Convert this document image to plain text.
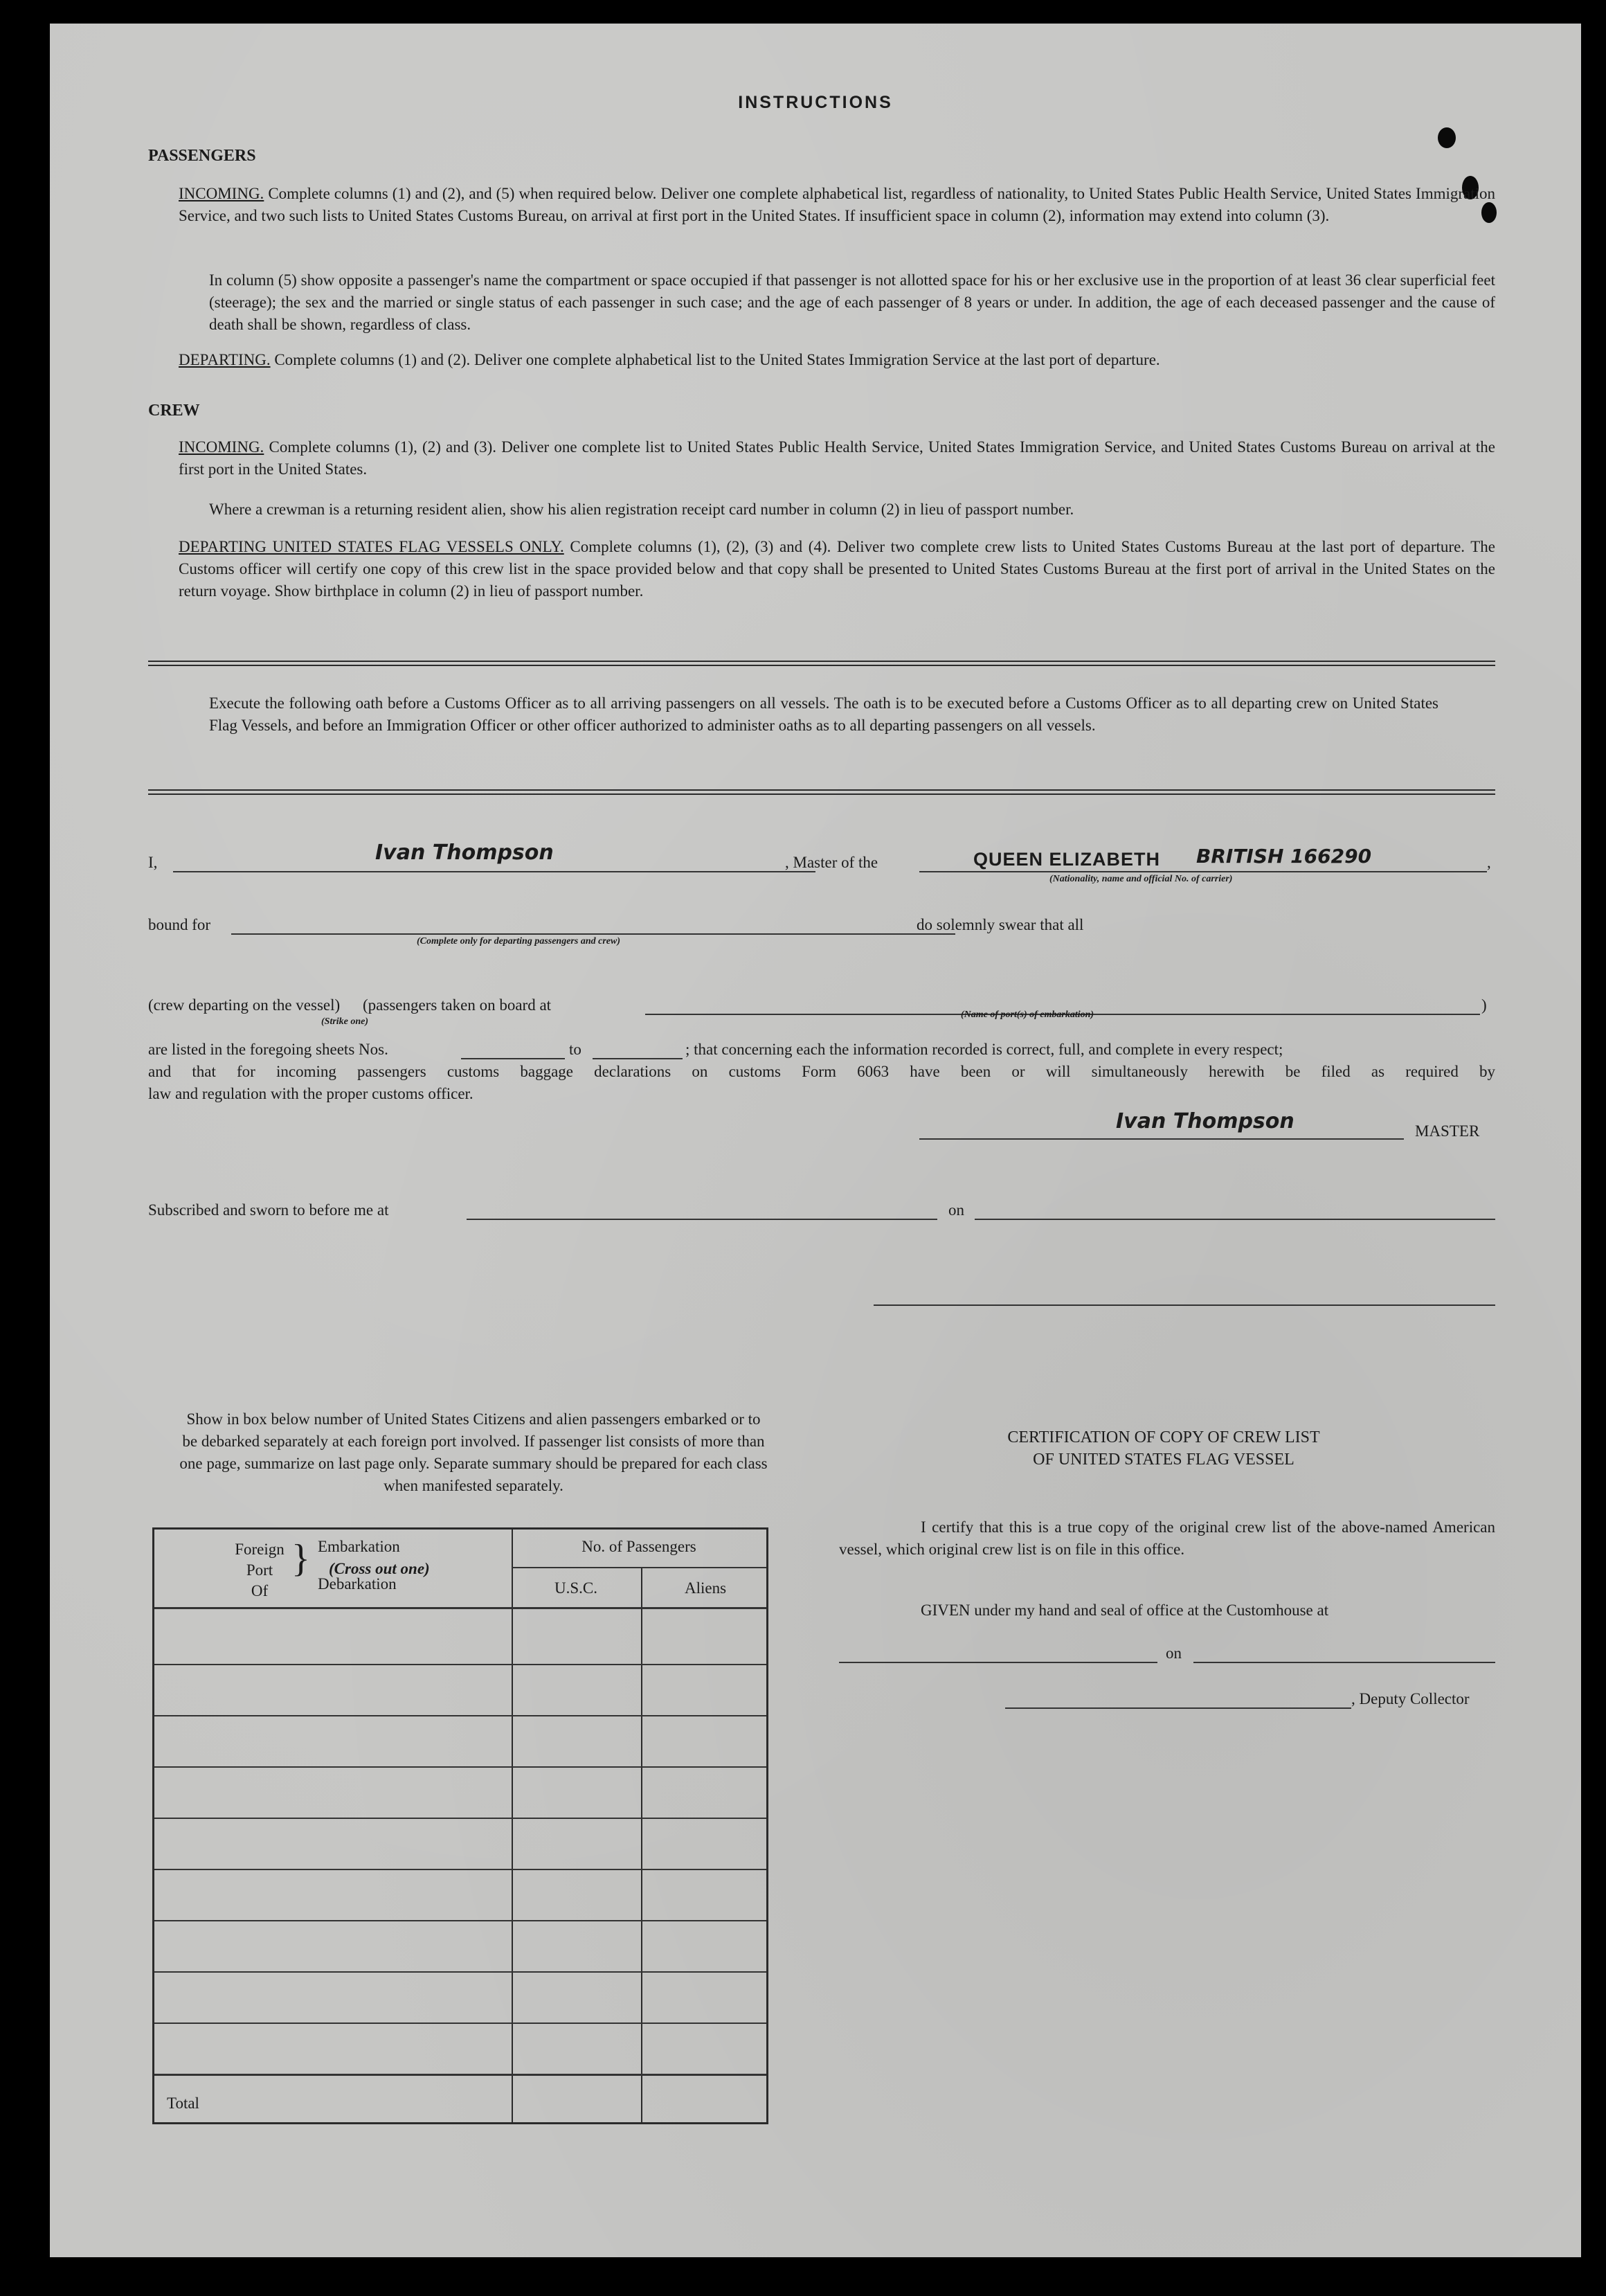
INSTRUCTIONS
PASSENGERS
INCOMING. Complete columns (1) and (2), and (5) when required below. Deliver one complete alphabetical list, regardless of nationality, to United States Public Health Service, United States Immigration Service, and two such lists to United States Customs Bureau, on arrival at first port in the United States. If insufficient space in column (2), information may extend into column (3).
In column (5) show opposite a passenger's name the compartment or space occupied if that passenger is not allotted space for his or her exclusive use in the proportion of at least 36 clear superficial feet (steerage); the sex and the married or single status of each passenger in such case; and the age of each passenger of 8 years or under. In addition, the age of each deceased passenger and the cause of death shall be shown, regardless of class.
DEPARTING. Complete columns (1) and (2). Deliver one complete alphabetical list to the United States Immigration Service at the last port of departure.
CREW
INCOMING. Complete columns (1), (2) and (3). Deliver one complete list to United States Public Health Service, United States Immigration Service, and United States Customs Bureau on arrival at the first port in the United States.
Where a crewman is a returning resident alien, show his alien registration receipt card number in column (2) in lieu of passport number.
DEPARTING UNITED STATES FLAG VESSELS ONLY. Complete columns (1), (2), (3) and (4). Deliver two complete crew lists to United States Customs Bureau at the last port of departure. The Customs officer will certify one copy of this crew list in the space provided below and that copy shall be presented to United States Customs Bureau at the first port of arrival in the United States on the return voyage. Show birthplace in column (2) in lieu of passport number.
Execute the following oath before a Customs Officer as to all arriving passengers on all vessels. The oath is to be executed before a Customs Officer as to all departing crew on United States Flag Vessels, and before an Immigration Officer or other officer authorized to administer oaths as to all departing passengers on all vessels.
I,	Ivan Thompson	, Master of the	QUEEN ELIZABETH BRITISH 166290	,
(Nationality, name and official No. of carrier)
bound for
(Complete only for departing passengers and crew)
do solemnly swear that all
(crew departing on the vessel) (passengers taken on board at	)
(Strike one)
(Name of port(s) of embarkation)
are listed in the foregoing sheets Nos.	to	; that concerning each the information recorded is correct, full, and complete in every respect;
and that for incoming passengers customs baggage declarations on customs Form 6063 have been or will simultaneously herewith be filed as required by
law and regulation with the proper customs officer.
Ivan Thompson	MASTER
Subscribed and sworn to before me at	on
Show in box below number of United States Citizens and alien passengers embarked or to be debarked separately at each foreign port involved. If passenger list consists of more than one page, summarize on last page only. Separate summary should be prepared for each class when manifested separately.
Foreign
Port
Of
} Embarkation
(Cross out one)
Debarkation
No. of Passengers
U.S.C.	Aliens
Total
CERTIFICATION OF COPY OF CREW LIST
OF UNITED STATES FLAG VESSEL
I certify that this is a true copy of the original crew list of the above-named American vessel, which original crew list is on file in this office.
GIVEN under my hand and seal of office at the Customhouse at
on
, Deputy Collector
